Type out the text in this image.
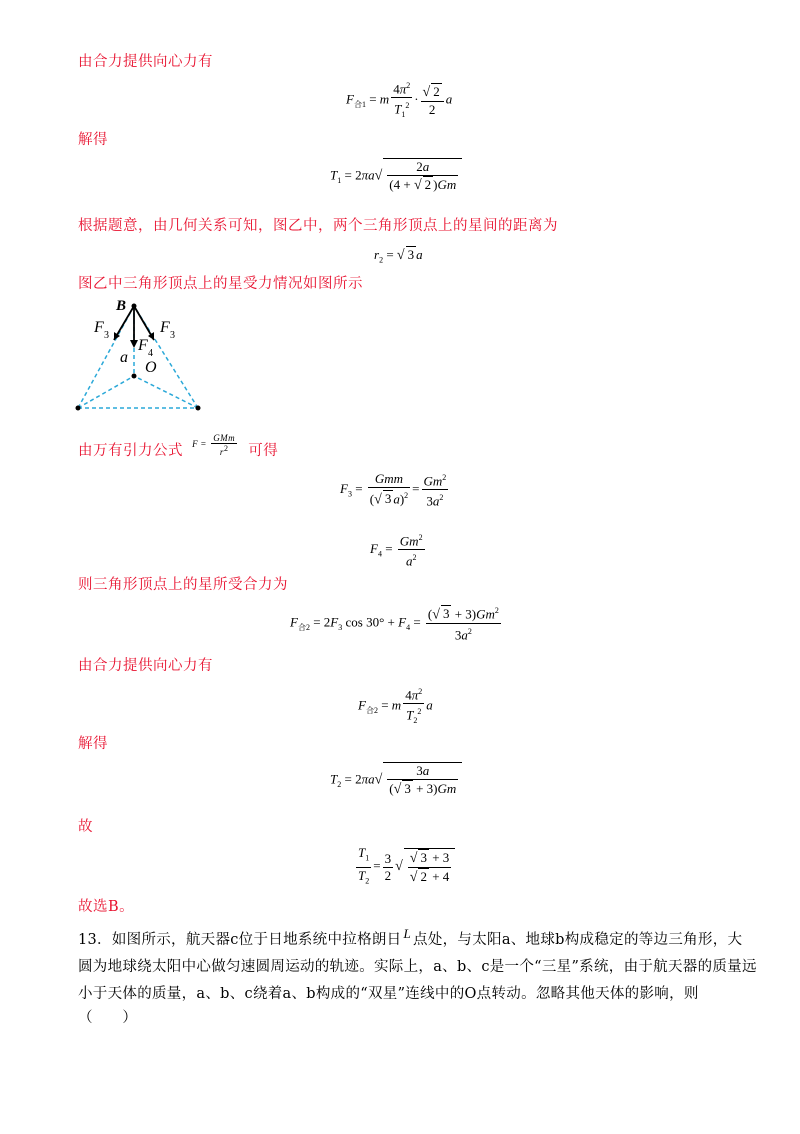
由合力提供向心力有
$F_{合1} = m \frac{4\pi^2}{T_1^2} \cdot \frac{√ 2}{2}$ a
解得
$T_1 = 2\pi a√ \frac{2a}{(4 + √ 2 )Gm}$
根据题意，由几何关系可知，图乙中，两个三角形顶点上的星间的距离为
$r_2$ = √ 3 a
图乙中三角形顶点上的星受力情况如图所示
B
F 3	F 3
F 4
a
O
由万有引力公式 $^{F = \frac{\text{GMm}}{r2}}$ 可得
$F_3 = \frac{\text{Gmm}}{(√ 3 a)^2} = \frac{Gm^2}{3a^2}$
$F_4 = \frac{Gm^2}{a^2}$
则三角形顶点上的星所受合力为
$F_{合2} = 2F_3$ $\cos 30^\circ + F_4 = \frac{(√ 3 + 3)Gm^2}{3a^2}$
由合力提供向心力有
$F_{合2} = m \frac{4\pi^2}{T_2^2}$ a
解得
$T_2 = 2\pi a√ \frac{3a}{(√ 3 + 3)Gm}$
故
$\frac{T_1}{T_2} = \frac{3}{2}$ √ $\frac{√ 3 + 3}{√ 2 + 4}$
故选B。
13．如图所示，航天器c位于日地系统中拉格朗日 L 点处，与太阳a、地球b构成稳定的等边三角形，大
圆为地球绕太阳中心做匀速圆周运动的轨迹。实际上，a、b、c是一个“三星”系统，由于航天器的质量远
小于天体的质量，a、b、c绕着a、b构成的“双星”连线中的O点转动。忽略其他天体的影响，则
（　　）
